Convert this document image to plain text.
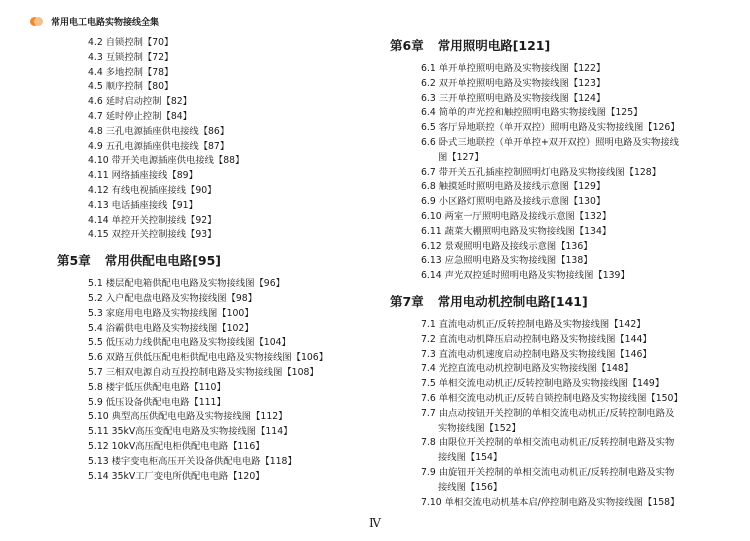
常用电工电路实物接线全集
4.2 自锁控制【70】
4.3 互锁控制【72】
4.4 多地控制【78】
4.5 顺序控制【80】
4.6 延时启动控制【82】
4.7 延时停止控制【84】
4.8 三孔电源插座供电接线【86】
4.9 五孔电源插座供电接线【87】
4.10 带开关电源插座供电接线【88】
4.11 网络插座接线【89】
4.12 有线电视插座接线【90】
4.13 电话插座接线【91】
4.14 单控开关控制接线【92】
4.15 双控开关控制接线【93】
第5章 常用供配电电路[95]
5.1 楼层配电箱供配电电路及实物接线图【96】
5.2 入户配电盘电路及实物接线图【98】
5.3 家庭用电电路及实物接线图【100】
5.4 浴霸供电电路及实物接线图【102】
5.5 低压动力线供配电电路及实物接线图【104】
5.6 双路互供低压配电柜供配电电路及实物接线图【106】
5.7 三相双电源自动互投控制电路及实物接线图【108】
5.8 楼宇低压供配电电路【110】
5.9 低压设备供配电电路【111】
5.10 典型高压供配电电路及实物接线图【112】
5.11 35kV高压变配电电路及实物接线图【114】
5.12 10kV高压配电柜供配电电路【116】
5.13 楼宇变电柜高压开关设备供配电电路【118】
5.14 35kV工厂变电所供配电电路【120】
第6章 常用照明电路[121]
6.1 单开单控照明电路及实物接线图【122】
6.2 双开单控照明电路及实物接线图【123】
6.3 三开单控照明电路及实物接线图【124】
6.4 简单的声光控和触控照明电路实物接线图【125】
6.5 客厅异地联控（单开双控）照明电路及实物接线图【126】
6.6 卧式三地联控（单开单控+双开双控）照明电路及实物接线
图【127】
6.7 带开关五孔插座控制照明灯电路及实物接线图【128】
6.8 触摸延时照明电路及接线示意图【129】
6.9 小区路灯照明电路及接线示意图【130】
6.10 两室一厅照明电路及接线示意图【132】
6.11 蔬菜大棚照明电路及实物接线图【134】
6.12 景观照明电路及接线示意图【136】
6.13 应急照明电路及实物接线图【138】
6.14 声光双控延时照明电路及实物接线图【139】
第7章 常用电动机控制电路[141]
7.1 直流电动机正/反转控制电路及实物接线图【142】
7.2 直流电动机降压启动控制电路及实物接线图【144】
7.3 直流电动机速度启动控制电路及实物接线图【146】
7.4 光控直流电动机控制电路及实物接线图【148】
7.5 单相交流电动机正/反转控制电路及实物接线图【149】
7.6 单相交流电动机正/反转自锁控制电路及实物接线图【150】
7.7 由点动按钮开关控制的单相交流电动机正/反转控制电路及
实物接线图【152】
7.8 由限位开关控制的单相交流电动机正/反转控制电路及实物
接线图【154】
7.9 由旋钮开关控制的单相交流电动机正/反转控制电路及实物
接线图【156】
7.10 单相交流电动机基本启/停控制电路及实物接线图【158】
Ⅳ
